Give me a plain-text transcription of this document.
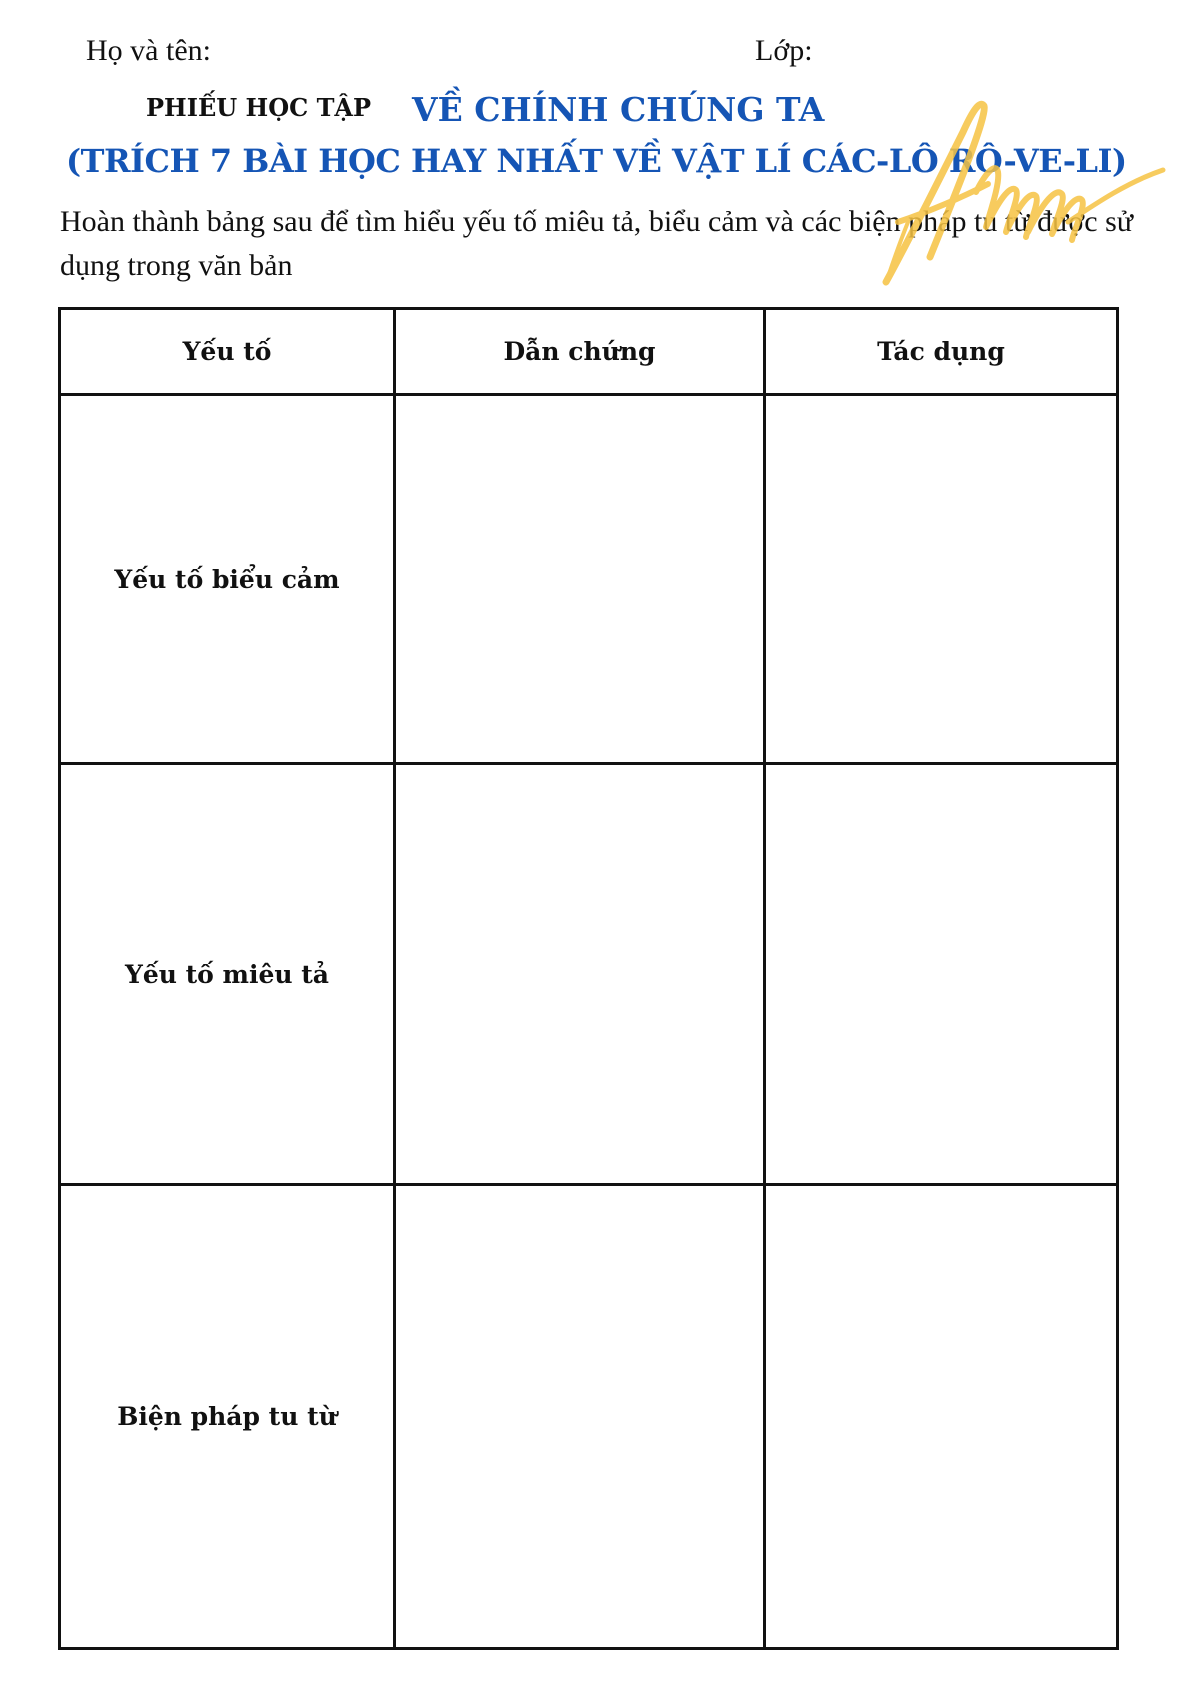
Họ và tên:	Lớp:
PHIẾU HỌC TẬP VỀ CHÍNH CHÚNG TA
(TRÍCH 7 BÀI HỌC HAY NHẤT VỀ VẬT LÍ CÁC-LÔ RÔ-VE-LI)
Hoàn thành bảng sau để tìm hiểu yếu tố miêu tả, biểu cảm và các biện pháp tu từ được sử dụng trong văn bản
Yếu tố	Dẫn chứng	Tác dụng
Yếu tố biểu cảm		
Yếu tố miêu tả		
Biện pháp tu từ		
